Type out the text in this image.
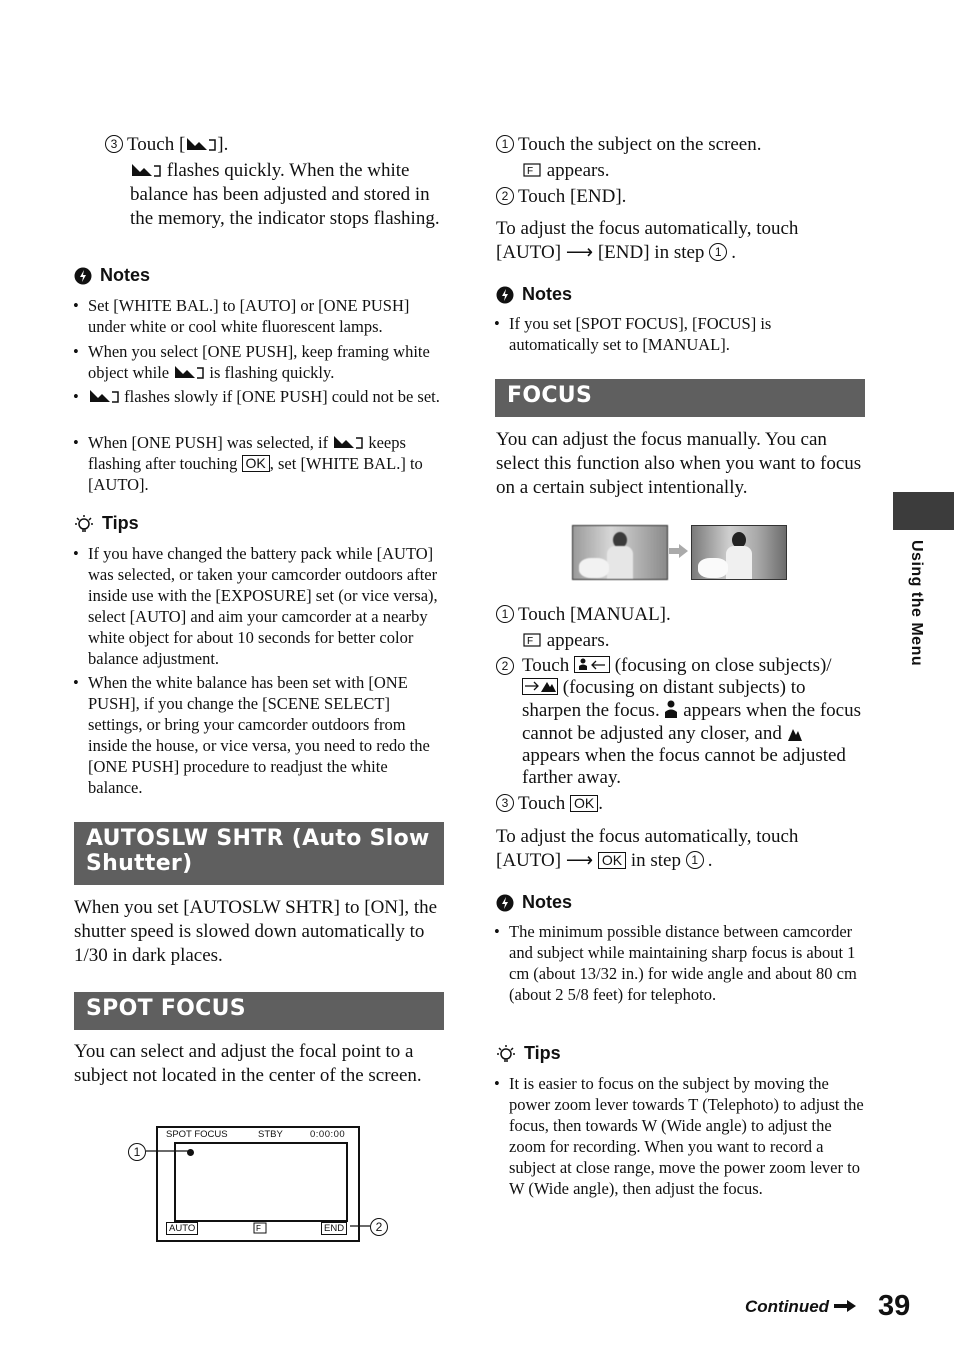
3 Touch [ ].

flashes quickly. When the white balance has been adjusted and stored in the memory, the indicator stops flashing.

Notes
• Set [WHITE BAL.] to [AUTO] or [ONE PUSH] under white or cool white fluorescent lamps.
• When you select [ONE PUSH], keep framing white object while is flashing quickly.
• flashes slowly if [ONE PUSH] could not be set.
• When [ONE PUSH] was selected, if keeps flashing after touching OK , set [WHITE BAL.] to [AUTO].
Tips
• If you have changed the battery pack while [AUTO] was selected, or taken your camcorder outdoors after inside use with the [EXPOSURE] set (or vice versa), select [AUTO] and aim your camcorder at a nearby white object for about 10 seconds for better color balance adjustment.
• When the white balance has been set with [ONE PUSH], if you change the [SCENE SELECT] settings, or bring your camcorder outdoors from inside the house, or vice versa, you need to redo the [ONE PUSH] procedure to readjust the white balance.
AUTOSLW SHTR (Auto Slow Shutter)

When you set [AUTOSLW SHTR] to [ON], the shutter speed is slowed down automatically to 1/30 in dark places.

SPOT FOCUS

You can select and adjust the focal point to a subject not located in the center of the screen.

SPOT FOCUS	STBY	0:00:00
AUTO	F	END
1
2

1 Touch the subject on the screen.

F appears.

2 Touch [END].

To adjust the focus automatically, touch [AUTO] ⟶ [END] in step 1 .

Notes
• If you set [SPOT FOCUS], [FOCUS] is automatically set to [MANUAL].
FOCUS

You can adjust the focus manually. You can select this function also when you want to focus on a certain subject intentionally.

1 Touch [MANUAL].

F appears.

2 Touch (focusing on close subjects)/  (focusing on distant subjects) to sharpen the focus. appears when the focus cannot be adjusted any closer, and  appears when the focus cannot be adjusted farther away.

3 Touch OK .

To adjust the focus automatically, touch [AUTO] ⟶ OK in step 1 .

Notes
• The minimum possible distance between camcorder and subject while maintaining sharp focus is about 1 cm (about 13/32 in.) for wide angle and about 80 cm (about 2 5/8 feet) for telephoto.
Tips
• It is easier to focus on the subject by moving the power zoom lever towards T (Telephoto) to adjust the focus, then towards W (Wide angle) to adjust the zoom for recording. When you want to record a subject at close range, move the power zoom lever to W (Wide angle), then adjust the focus.
Using the Menu
Continued	39
